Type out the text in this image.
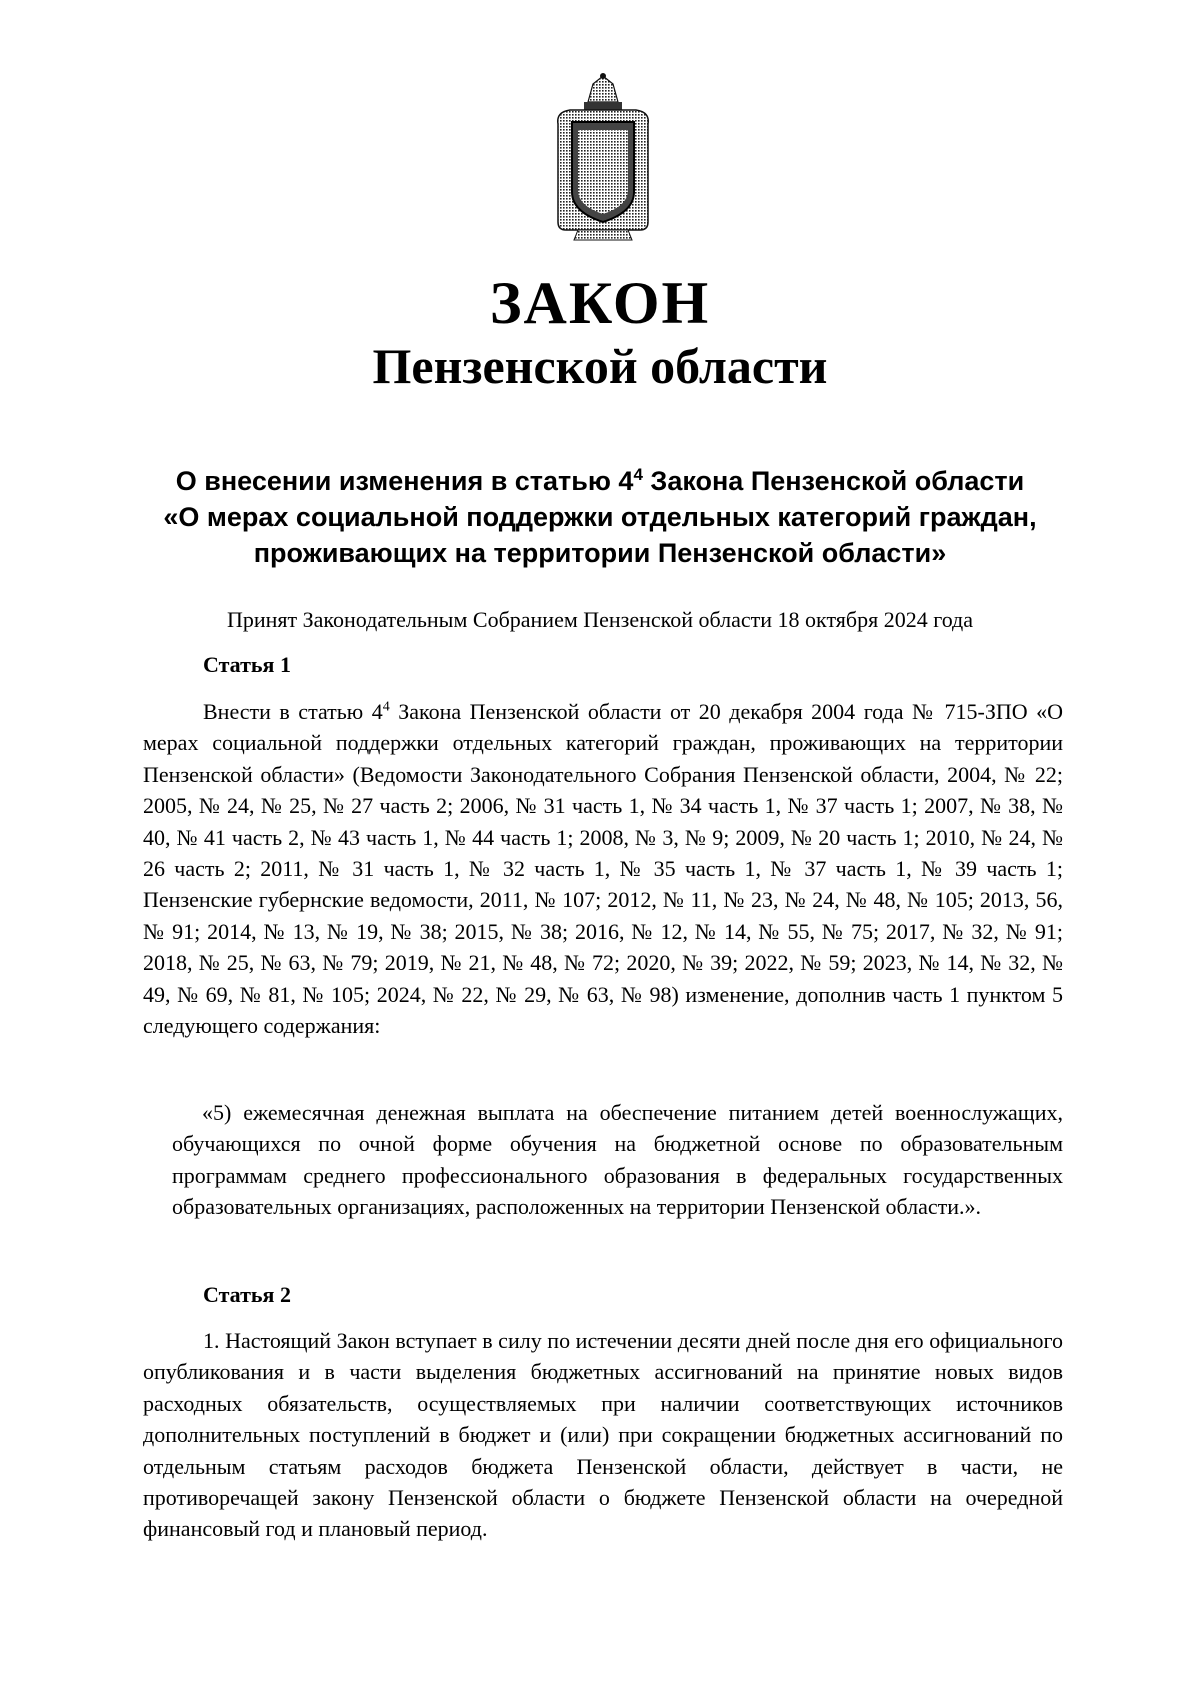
ЗАКОН
Пензенской области

О внесении изменения в статью $4^4$ Закона Пензенской области
«О мерах социальной поддержки отдельных категорий граждан,
проживающих на территории Пензенской области»

Принят Законодательным Собранием Пензенской области 18 октября 2024 года

Статья 1

Внести в статью $4^4$ Закона Пензенской области от 20 декабря 2004 года № 715-ЗПО «О мерах социальной поддержки отдельных категорий граждан, проживающих на территории Пензенской области» (Ведомости Законодательного Собрания Пензенской области, 2004, № 22; 2005, № 24, № 25, № 27 часть 2; 2006, № 31 часть 1, № 34 часть 1, № 37 часть 1; 2007, № 38, № 40, № 41 часть 2, № 43 часть 1, № 44 часть 1; 2008, № 3, № 9; 2009, № 20 часть 1; 2010, № 24, № 26 часть 2; 2011, № 31 часть 1, № 32 часть 1, № 35 часть 1, № 37 часть 1, № 39 часть 1; Пензенские губернские ведомости, 2011, № 107; 2012, № 11, № 23, № 24, № 48, № 105; 2013, 56, № 91; 2014, № 13, № 19, № 38; 2015, № 38; 2016, № 12, № 14, № 55, № 75; 2017, № 32, № 91; 2018, № 25, № 63, № 79; 2019, № 21, № 48, № 72; 2020, № 39; 2022, № 59; 2023, № 14, № 32, № 49, № 69, № 81, № 105; 2024, № 22, № 29, № 63, № 98) изменение, дополнив часть 1 пунктом 5 следующего содержания:

«5) ежемесячная денежная выплата на обеспечение питанием детей военнослужащих, обучающихся по очной форме обучения на бюджетной основе по образовательным программам среднего профессионального образования в федеральных государственных образовательных организациях, расположенных на территории Пензенской области.».

Статья 2

1. Настоящий Закон вступает в силу по истечении десяти дней после дня его официального опубликования и в части выделения бюджетных ассигнований на принятие новых видов расходных обязательств, осуществляемых при наличии соответствующих источников дополнительных поступлений в бюджет и (или) при сокращении бюджетных ассигнований по отдельным статьям расходов бюджета Пензенской области, действует в части, не противоречащей закону Пензенской области о бюджете Пензенской области на очередной финансовый год и плановый период.
